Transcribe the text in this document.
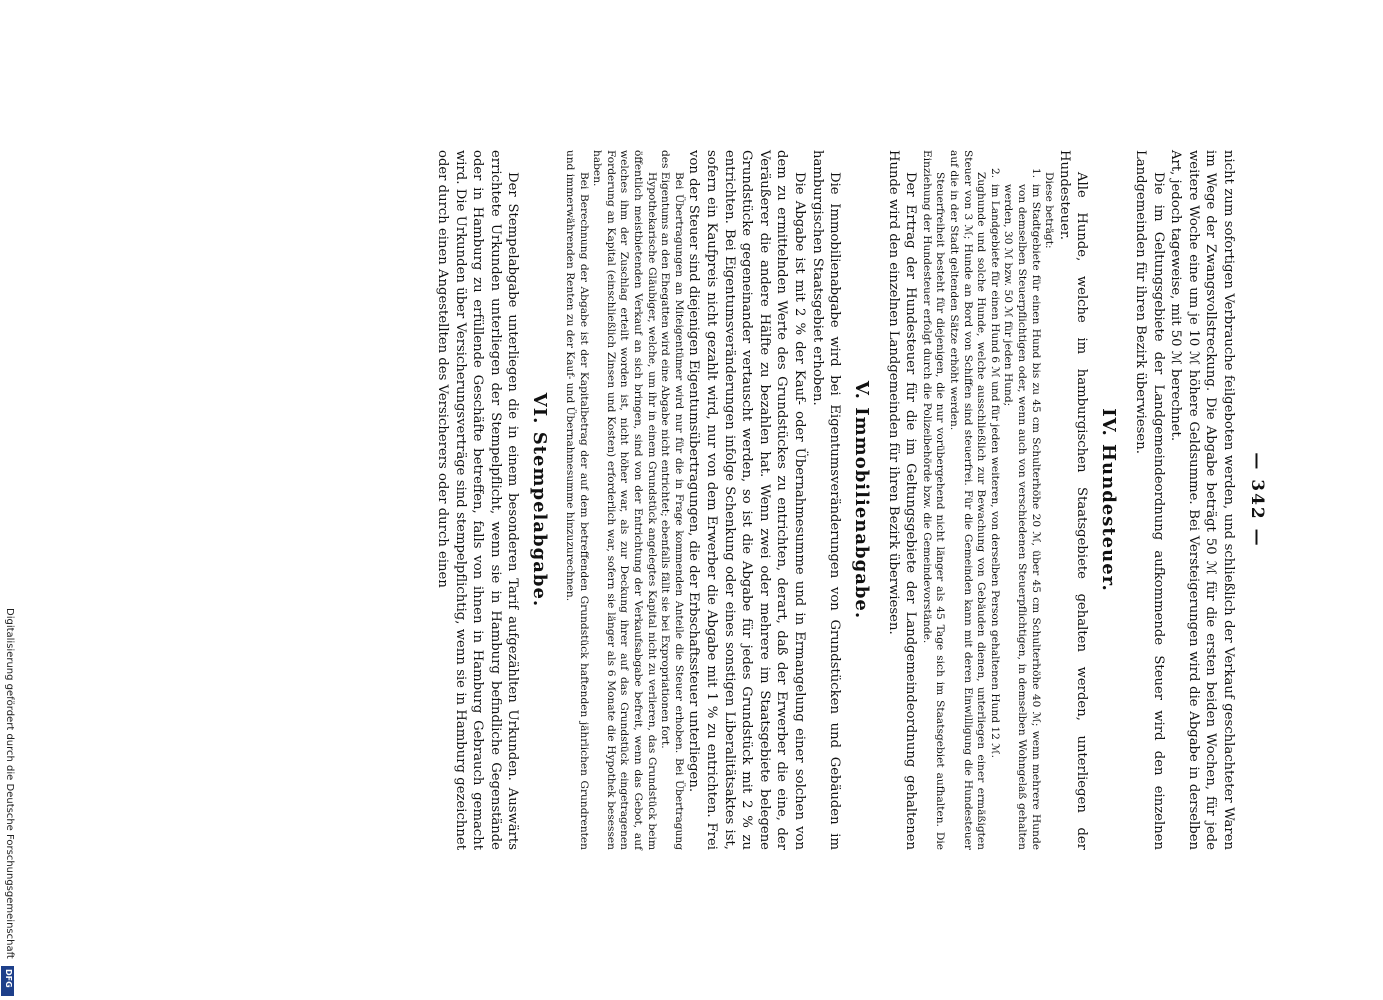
— 342 —

nicht zum sofortigen Verbrauche feilgeboten werden, und schließlich der Verkauf geschlachteter Waren im Wege der Zwangsvollstreckung. Die Abgabe beträgt 50 ℳ für die ersten beiden Wochen, für jede weitere Woche eine um je 10 ℳ höhere Geldsumme. Bei Versteigerungen wird die Abgabe in derselben Art, jedoch tageweise, mit 50 ℳ berechnet.

Die im Geltungsgebiete der Landgemeindeordnung aufkommende Steuer wird den einzelnen Landgemeinden für ihren Bezirk überwiesen.

IV. Hundesteuer.

Alle Hunde, welche im hamburgischen Staatsgebiete gehalten werden, unterliegen der Hundesteuer.

Diese beträgt:

1.
im Stadtgebiete für einen Hund bis zu 45 cm Schulterhöhe 20 ℳ, über 45 cm Schulterhöhe 40 ℳ; wenn mehrere Hunde von demselben Steuerpflichtigen oder, wenn auch von verschiedenen Steuerpflichtigen, in demselben Wohngelaß gehalten werden, 30 ℳ bzw. 50 ℳ für jeden Hund;
2.
im Landgebiete für einen Hund 6 ℳ und für jeden weiteren, von derselben Person gehaltenen Hund 12 ℳ.

Zughunde und solche Hunde, welche ausschließlich zur Bewachung von Gebäuden dienen, unterliegen einer ermäßigten Steuer von 3 ℳ; Hunde an Bord von Schiffen sind steuerfrei. Für die Gemeinden kann mit deren Einwilligung die Hundesteuer auf die in der Stadt geltenden Sätze erhöht werden.

Steuerfreiheit besteht für diejenigen, die nur vorübergehend nicht länger als 45 Tage sich im Staatsgebiet aufhalten. Die Einziehung der Hundesteuer erfolgt durch die Polizeibehörde bzw. die Gemeindevorstände.

Der Ertrag der Hundesteuer für die im Geltungsgebiete der Landgemeindeordnung gehaltenen Hunde wird den einzelnen Landgemeinden für ihren Bezirk überwiesen.

V. Immobilienabgabe.

Die Immobilienabgabe wird bei Eigentumsveränderungen von Grundstücken und Gebäuden im hamburgischen Staatsgebiet erhoben.

Die Abgabe ist mit 2 % der Kauf- oder Übernahmesumme und in Ermangelung einer solchen von dem zu ermittelnden Werte des Grundstückes zu entrichten, derart, daß der Erwerber die eine, der Veräußerer die andere Hälfte zu bezahlen hat. Wenn zwei oder mehrere im Staatsgebiete belegene Grundstücke gegeneinander vertauscht werden, so ist die Abgabe für jedes Grundstück mit 2 % zu entrichten. Bei Eigentumsveränderungen infolge Schenkung oder eines sonstigen Liberalitätsaktes ist, sofern ein Kaufpreis nicht gezahlt wird, nur von dem Erwerber die Abgabe mit 1 % zu entrichten. Frei von der Steuer sind diejenigen Eigentumsübertragungen, die der Erbschaftssteuer unterliegen.

Bei Übertragungen an Miteigentümer wird nur für die in Frage kommenden Anteile die Steuer erhoben. Bei Übertragung des Eigentums an den Ehegatten wird eine Abgabe nicht entrichtet; ebenfalls fällt sie bei Expropriationen fort.

Hypothekarische Gläubiger, welche, um ihr in einem Grundstück angelegtes Kapital nicht zu verlieren, das Grundstück beim öffentlich meistbietenden Verkauf an sich bringen, sind von der Entrichtung der Verkaufsabgabe befreit, wenn das Gebot, auf welches ihm der Zuschlag erteilt worden ist, nicht höher war, als zur Deckung ihrer auf das Grundstück eingetragenen Forderung an Kapital (einschließlich Zinsen und Kosten) erforderlich war, sofern sie länger als 6 Monate die Hypothek besessen haben.

Bei Berechnung der Abgabe ist der Kapitalbetrag der auf dem betreffenden Grundstück haftenden jährlichen Grundrenten und immerwährenden Renten zu der Kauf- und Übernahmesumme hinzuzurechnen.

VI. Stempelabgabe.

Der Stempelabgabe unterliegen die in einem besonderen Tarif aufgezählten Urkunden. Auswärts errichtete Urkunden unterliegen der Stempelpflicht, wenn sie in Hamburg befindliche Gegenstände oder in Hamburg zu erfüllende Geschäfte betreffen, falls von ihnen in Hamburg Gebrauch gemacht wird. Die Urkunden über Versicherungsverträge sind stempelpflichtig, wenn sie in Hamburg gezeichnet oder durch einen Angestellten des Versicherers oder durch einen

Digitalisierung gefördert durch die Deutsche Forschungsgemeinschaft
DFG
